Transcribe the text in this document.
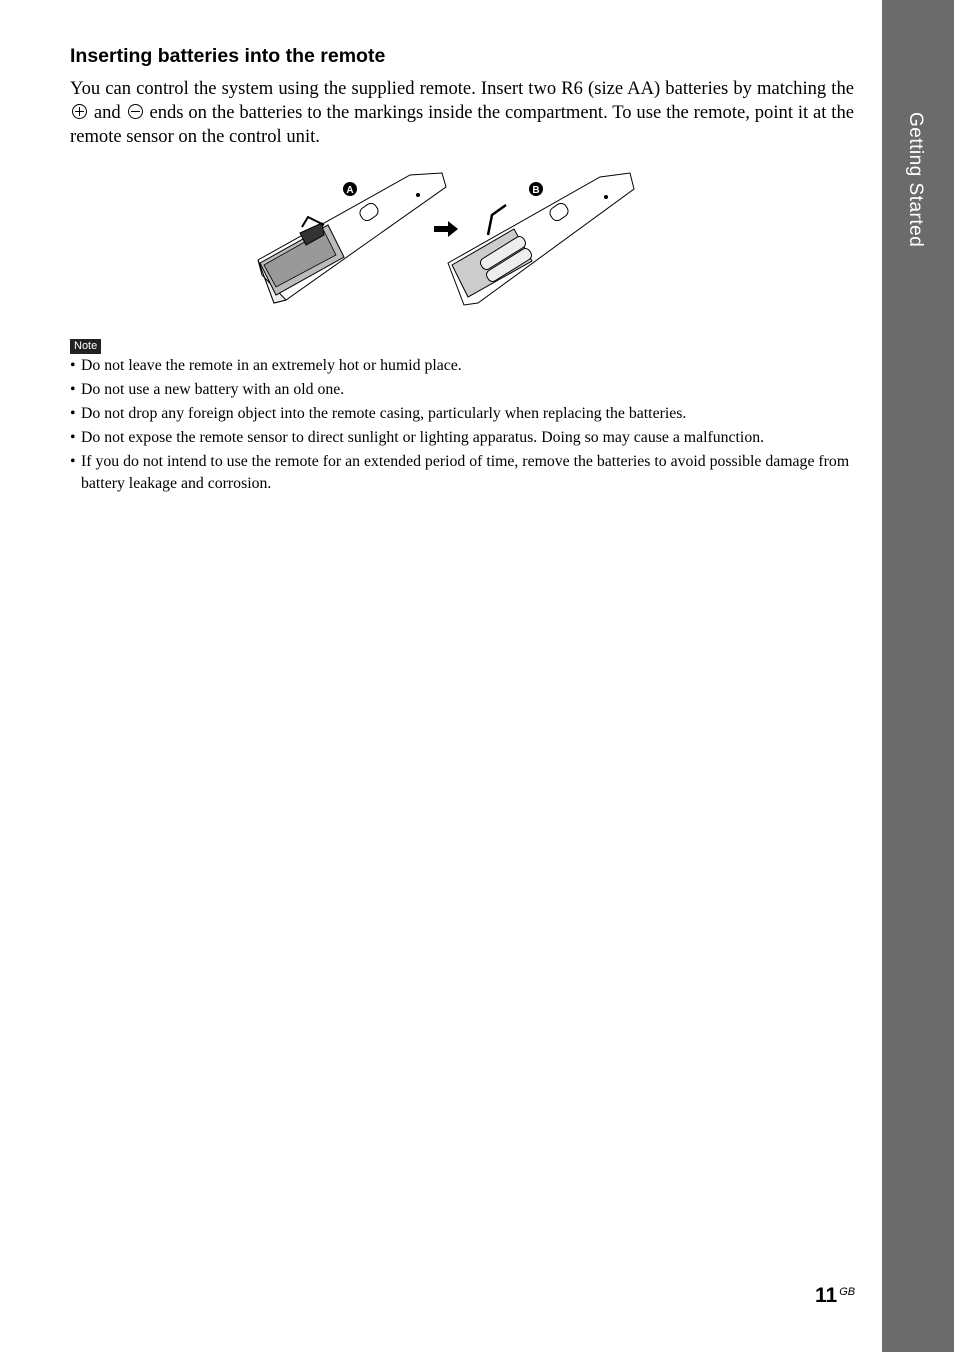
Getting Started
Inserting batteries into the remote

You can control the system using the supplied remote. Insert two R6 (size AA) batteries by matching the  and ends on the batteries to the markings inside the compartment. To use the remote, point it at the remote sensor on the control unit.

A	B
Note
• Do not leave the remote in an extremely hot or humid place.
• Do not use a new battery with an old one.
• Do not drop any foreign object into the remote casing, particularly when replacing the batteries.
• Do not expose the remote sensor to direct sunlight or lighting apparatus. Doing so may cause a malfunction.
• If you do not intend to use the remote for an extended period of time, remove the batteries to avoid possible damage from battery leakage and corrosion.
11 $^{GB}$
